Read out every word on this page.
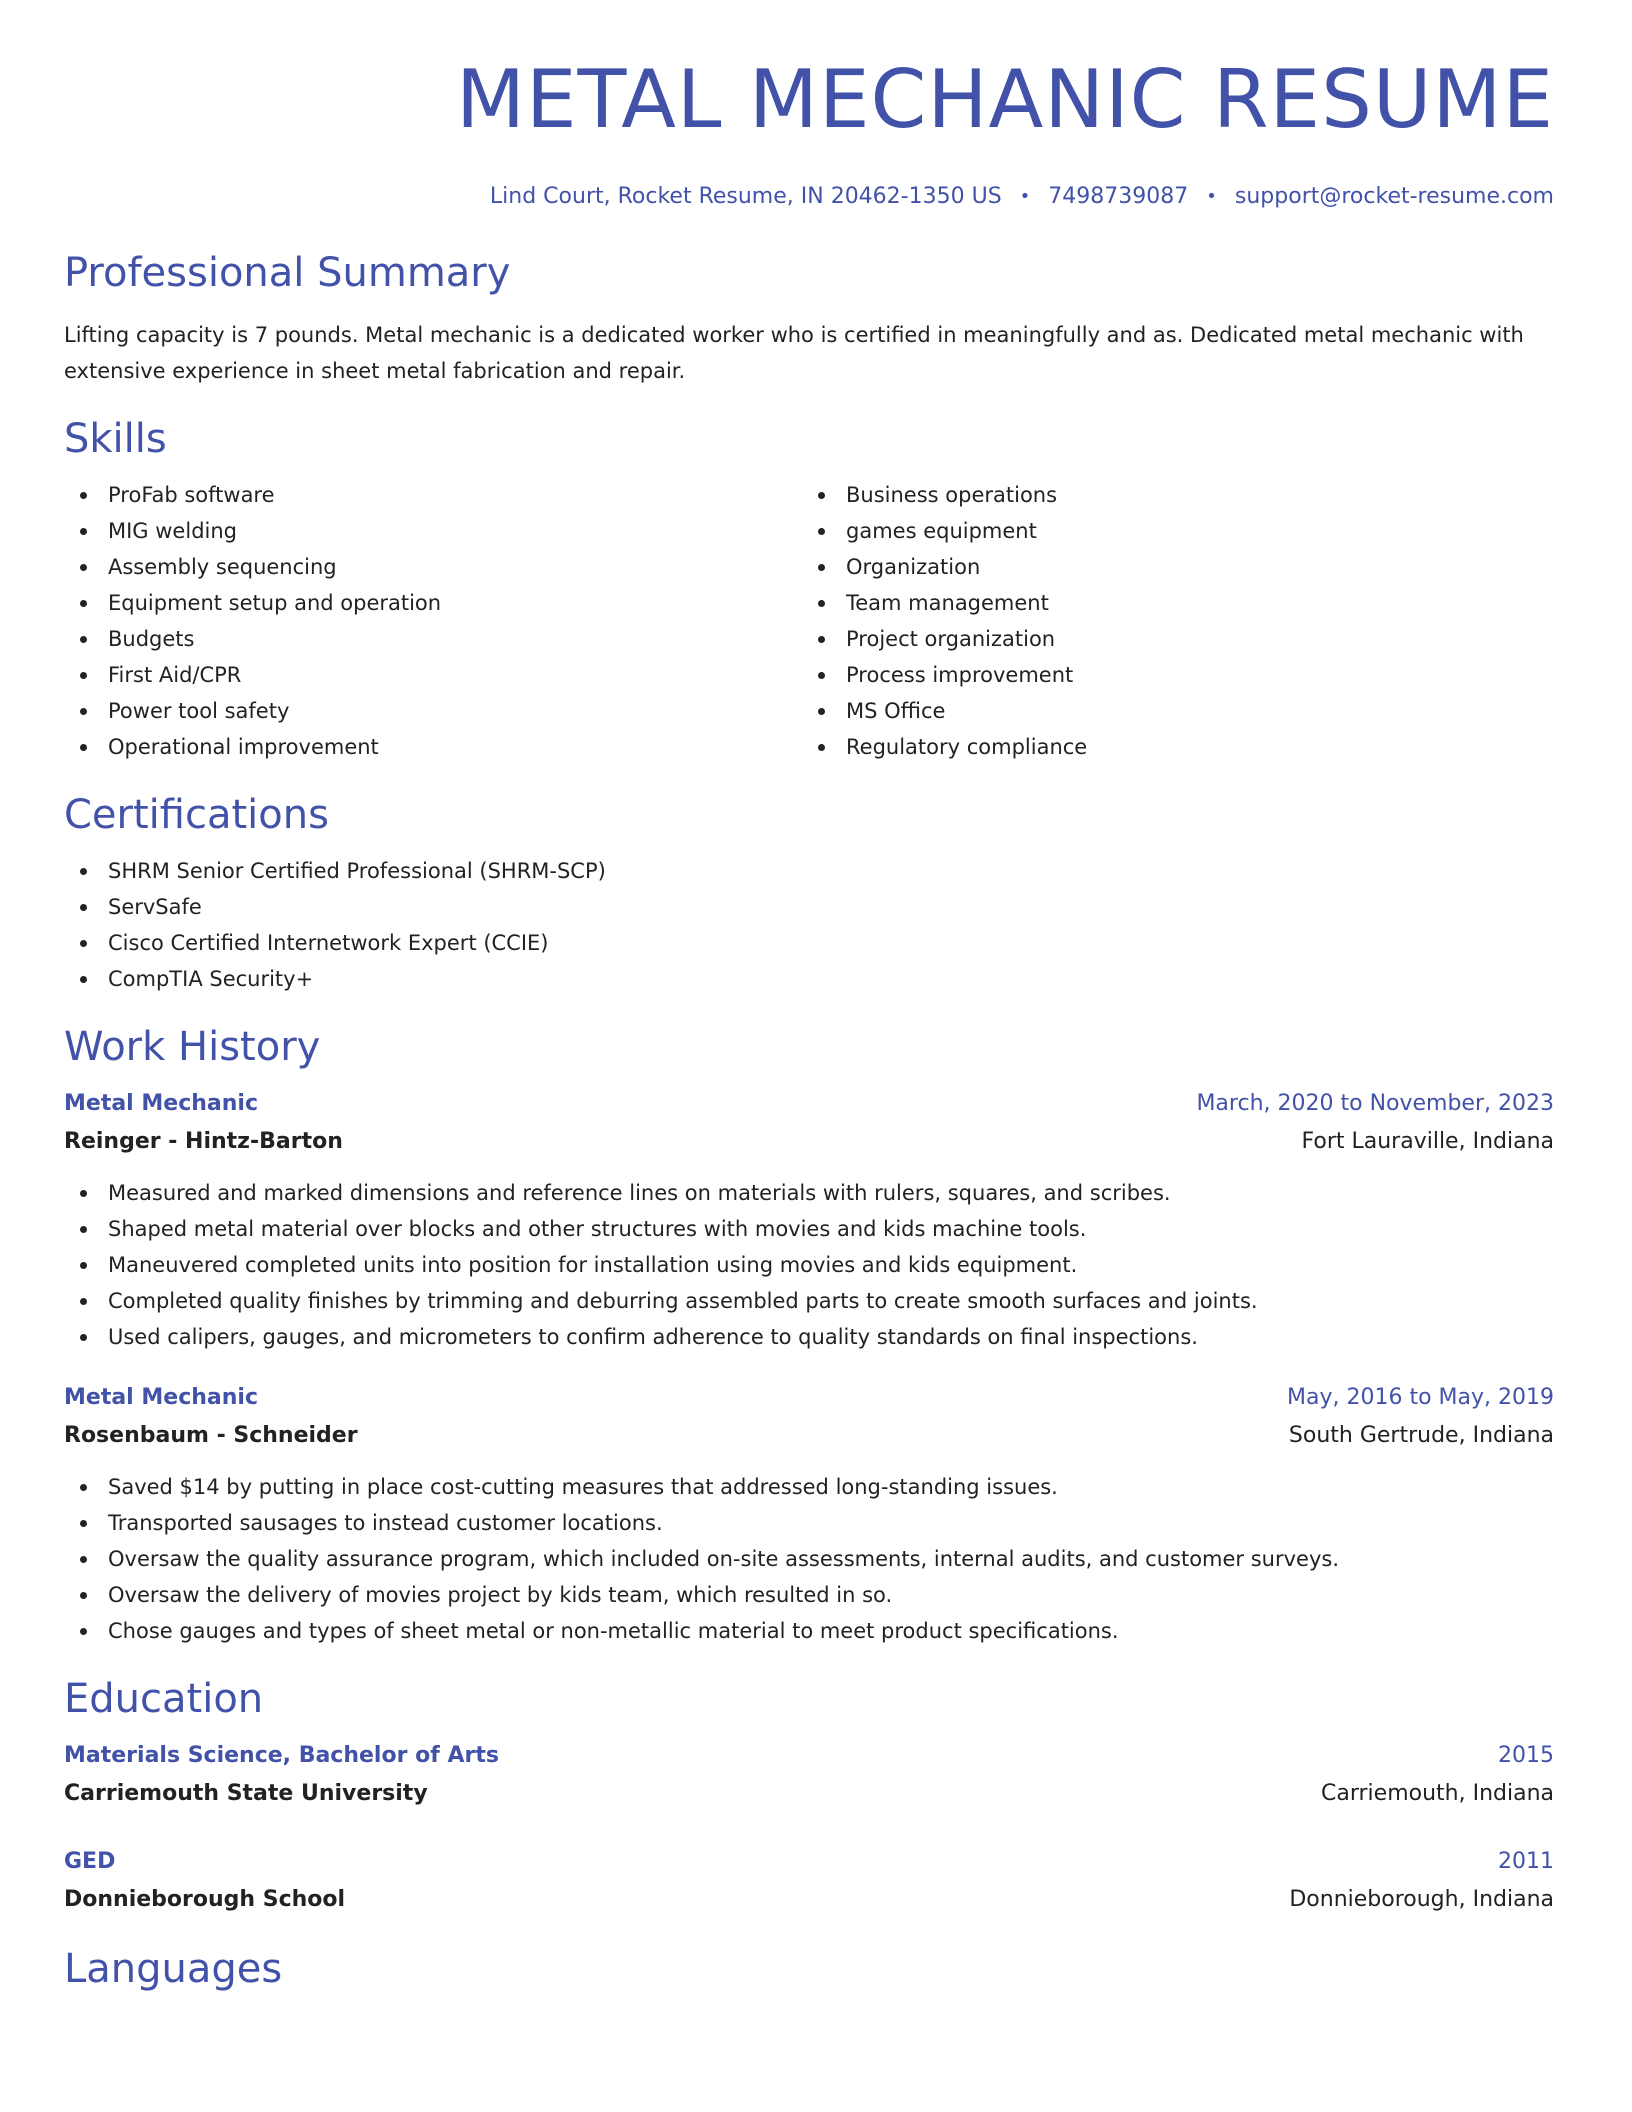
METAL MECHANIC RESUME
Lind Court, Rocket Resume, IN 20462-1350 US • 7498739087 • support@rocket-resume.com
Professional Summary

Lifting capacity is 7 pounds. Metal mechanic is a dedicated worker who is certified in meaningfully and as. Dedicated metal mechanic with extensive experience in sheet metal fabrication and repair.

Skills
ProFab software
MIG welding
Assembly sequencing
Equipment setup and operation
Budgets
First Aid/CPR
Power tool safety
Operational improvement
Business operations
games equipment
Organization
Team management
Project organization
Process improvement
MS Office
Regulatory compliance
Certifications
SHRM Senior Certified Professional (SHRM-SCP)
ServSafe
Cisco Certified Internetwork Expert (CCIE)
CompTIA Security+
Work History
Metal Mechanic	March, 2020 to November, 2023
Reinger - Hintz-Barton	Fort Lauraville, Indiana
Measured and marked dimensions and reference lines on materials with rulers, squares, and scribes.
Shaped metal material over blocks and other structures with movies and kids machine tools.
Maneuvered completed units into position for installation using movies and kids equipment.
Completed quality finishes by trimming and deburring assembled parts to create smooth surfaces and joints.
Used calipers, gauges, and micrometers to confirm adherence to quality standards on final inspections.
Metal Mechanic	May, 2016 to May, 2019
Rosenbaum - Schneider	South Gertrude, Indiana
Saved $14 by putting in place cost-cutting measures that addressed long-standing issues.
Transported sausages to instead customer locations.
Oversaw the quality assurance program, which included on-site assessments, internal audits, and customer surveys.
Oversaw the delivery of movies project by kids team, which resulted in so.
Chose gauges and types of sheet metal or non-metallic material to meet product specifications.
Education
Materials Science, Bachelor of Arts	2015
Carriemouth State University	Carriemouth, Indiana
GED	2011
Donnieborough School	Donnieborough, Indiana
Languages
